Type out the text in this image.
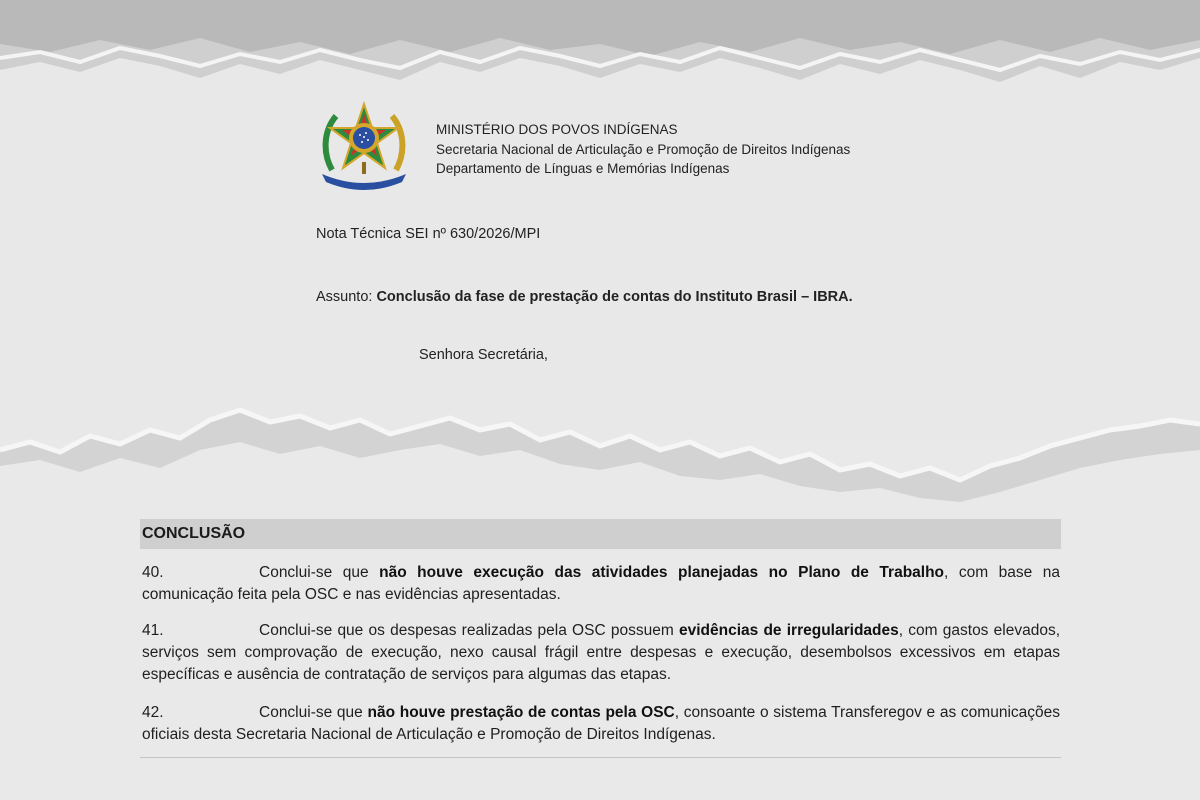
MINISTÉRIO DOS POVOS INDÍGENAS
Secretaria Nacional de Articulação e Promoção de Direitos Indígenas
Departamento de Línguas e Memórias Indígenas
Nota Técnica SEI nº 630/2026/MPI
Assunto: Conclusão da fase de prestação de contas do Instituto Brasil – IBRA.
Senhora Secretária,
CONCLUSÃO
40.	Conclui-se que não houve execução das atividades planejadas no Plano de Trabalho, com base na comunicação feita pela OSC e nas evidências apresentadas.
41.	Conclui-se que os despesas realizadas pela OSC possuem evidências de irregularidades, com gastos elevados, serviços sem comprovação de execução, nexo causal frágil entre despesas e execução, desembolsos excessivos em etapas específicas e ausência de contratação de serviços para algumas das etapas.
42.	Conclui-se que não houve prestação de contas pela OSC, consoante o sistema Transferegov e as comunicações oficiais desta Secretaria Nacional de Articulação e Promoção de Direitos Indígenas.
